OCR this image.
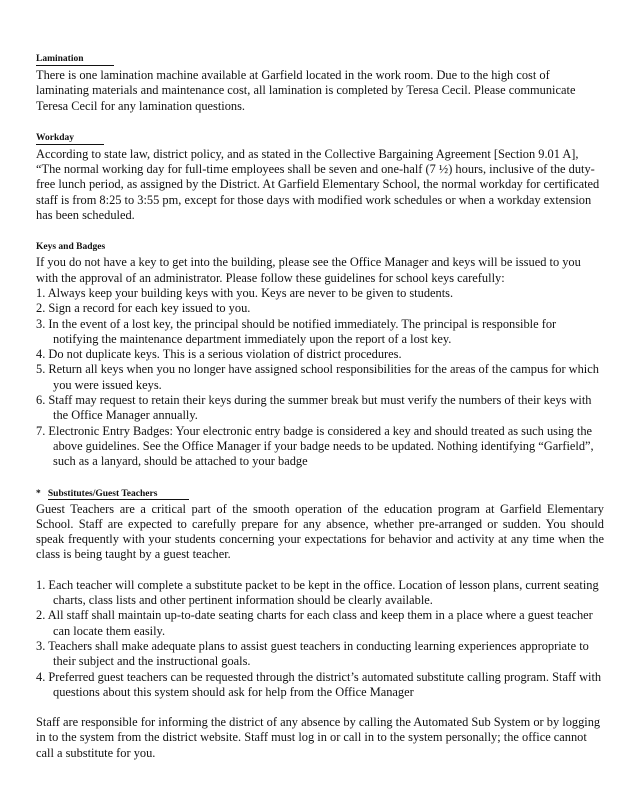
Lamination

There is one lamination machine available at Garfield located in the work room. Due to the high cost of laminating materials and maintenance cost, all lamination is completed by Teresa Cecil. Please communicate Teresa Cecil for any lamination questions.

Workday

According to state law, district policy, and as stated in the Collective Bargaining Agreement [Section 9.01 A], “The normal working day for full-time employees shall be seven and one-half (7 ½) hours, inclusive of the duty-free lunch period, as assigned by the District. At Garfield Elementary School, the normal workday for certificated staff is from 8:25 to 3:55 pm, except for those days with modified work schedules or when a workday extension has been scheduled.

Keys and Badges

If you do not have a key to get into the building, please see the Office Manager and keys will be issued to you with the approval of an administrator. Please follow these guidelines for school keys carefully:

1. Always keep your building keys with you. Keys are never to be given to students.
2. Sign a record for each key issued to you.
3. In the event of a lost key, the principal should be notified immediately. The principal is responsible for notifying the maintenance department immediately upon the report of a lost key.
4. Do not duplicate keys. This is a serious violation of district procedures.
5. Return all keys when you no longer have assigned school responsibilities for the areas of the campus for which you were issued keys.
6. Staff may request to retain their keys during the summer break but must verify the numbers of their keys with the Office Manager annually.
7. Electronic Entry Badges: Your electronic entry badge is considered a key and should treated as such using the above guidelines. See the Office Manager if your badge needs to be updated. Nothing identifying “Garfield”, such as a lanyard, should be attached to your badge
* Substitutes/Guest Teachers

Guest Teachers are a critical part of the smooth operation of the education program at Garfield Elementary School. Staff are expected to carefully prepare for any absence, whether pre-arranged or sudden. You should speak frequently with your students concerning your expectations for behavior and activity at any time when the class is being taught by a guest teacher.

1. Each teacher will complete a substitute packet to be kept in the office. Location of lesson plans, current seating charts, class lists and other pertinent information should be clearly available.
2. All staff shall maintain up-to-date seating charts for each class and keep them in a place where a guest teacher can locate them easily.
3. Teachers shall make adequate plans to assist guest teachers in conducting learning experiences appropriate to their subject and the instructional goals.
4. Preferred guest teachers can be requested through the district’s automated substitute calling program. Staff with questions about this system should ask for help from the Office Manager

Staff are responsible for informing the district of any absence by calling the Automated Sub System or by logging in to the system from the district website. Staff must log in or call in to the system personally; the office cannot call a substitute for you.
